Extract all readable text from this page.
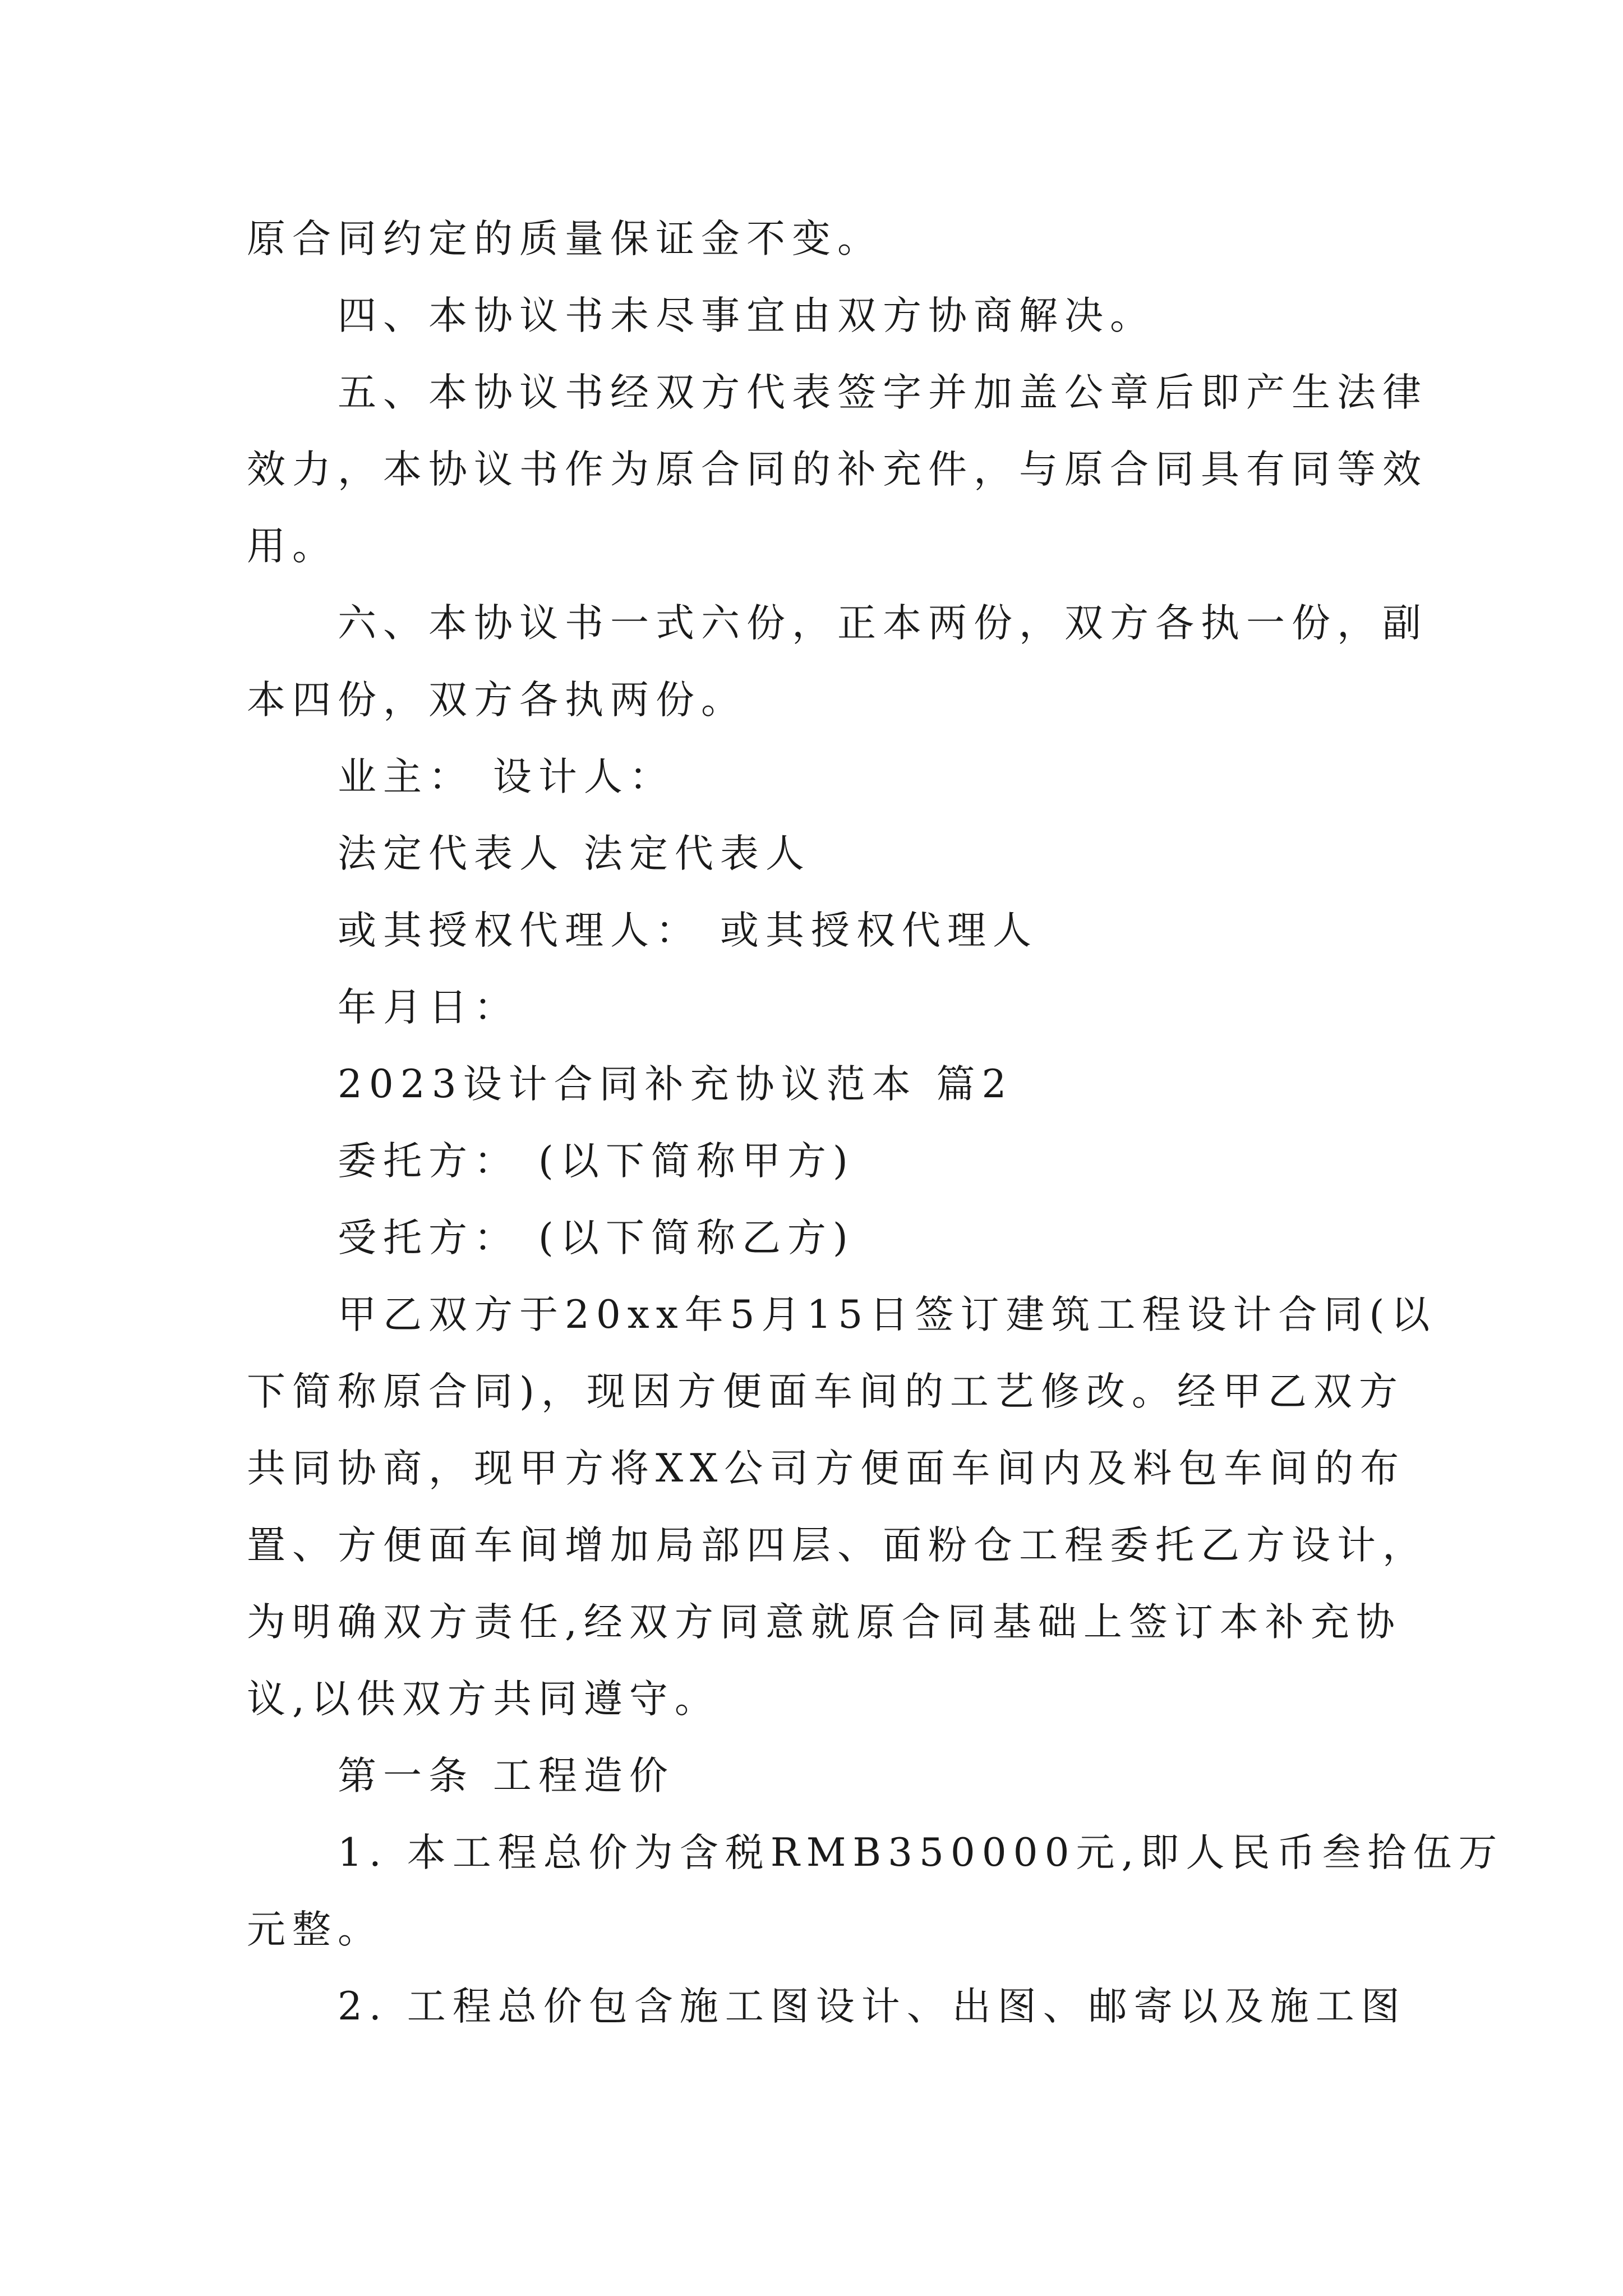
原合同约定的质量保证金不变。
四、本协议书未尽事宜由双方协商解决。
五、本协议书经双方代表签字并加盖公章后即产生法律
效力，本协议书作为原合同的补充件，与原合同具有同等效
用。
六、本协议书一式六份，正本两份，双方各执一份，副
本四份，双方各执两份。
业主： 设计人：
法定代表人 法定代表人
或其授权代理人： 或其授权代理人
年月日：
2023设计合同补充协议范本 篇2
委托方： (以下简称甲方)
受托方： (以下简称乙方)
甲乙双方于20xx年5月15日签订建筑工程设计合同(以
下简称原合同)，现因方便面车间的工艺修改。经甲乙双方
共同协商，现甲方将XX公司方便面车间内及料包车间的布
置、方便面车间增加局部四层、面粉仓工程委托乙方设计，
为明确双方责任,经双方同意就原合同基础上签订本补充协
议,以供双方共同遵守。
第一条 工程造价
1. 本工程总价为含税RMB350000元,即人民币叁拾伍万
元整。
2. 工程总价包含施工图设计、出图、邮寄以及施工图
